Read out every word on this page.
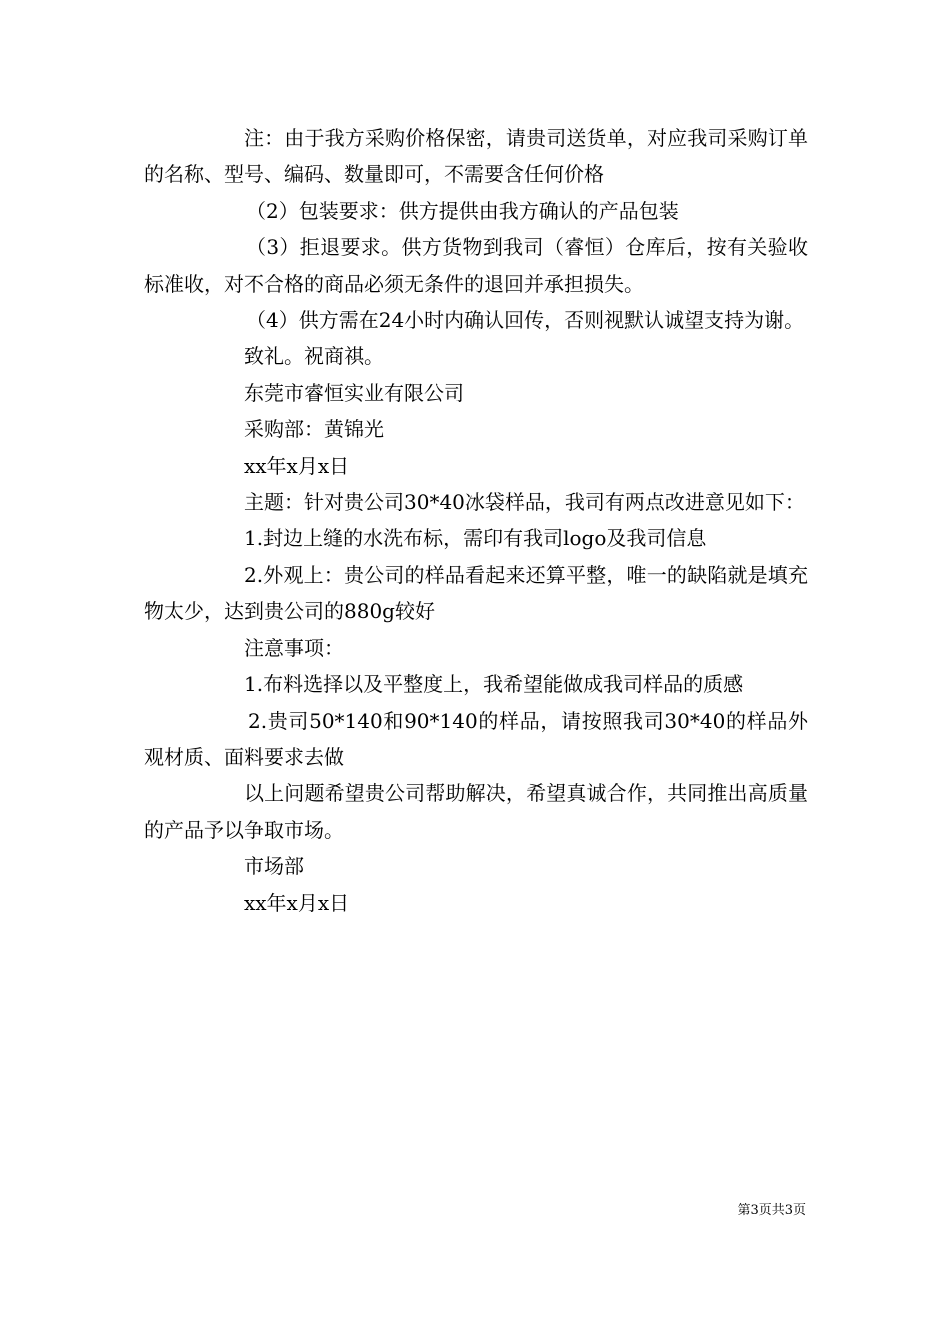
注：由于我方采购价格保密，请贵司送货单，对应我司采购订单的名称、型号、编码、数量即可，不需要含任何价格

（2）包装要求：供方提供由我方确认的产品包装

（3）拒退要求。供方货物到我司（睿恒）仓库后，按有关验收标准收，对不合格的商品必须无条件的退回并承担损失。

（4）供方需在24小时内确认回传，否则视默认诚望支持为谢。

致礼。祝商祺。

东莞市睿恒实业有限公司

采购部：黄锦光

xx年x月x日

主题：针对贵公司30*40冰袋样品，我司有两点改进意见如下：

1.封边上缝的水洗布标，需印有我司logo及我司信息

2.外观上：贵公司的样品看起来还算平整，唯一的缺陷就是填充物太少，达到贵公司的880g较好

注意事项：

1.布料选择以及平整度上，我希望能做成我司样品的质感

2.贵司50*140和90*140的样品，请按照我司30*40的样品外观材质、面料要求去做

以上问题希望贵公司帮助解决，希望真诚合作，共同推出高质量的产品予以争取市场。

市场部

xx年x月x日

第3页共3页
